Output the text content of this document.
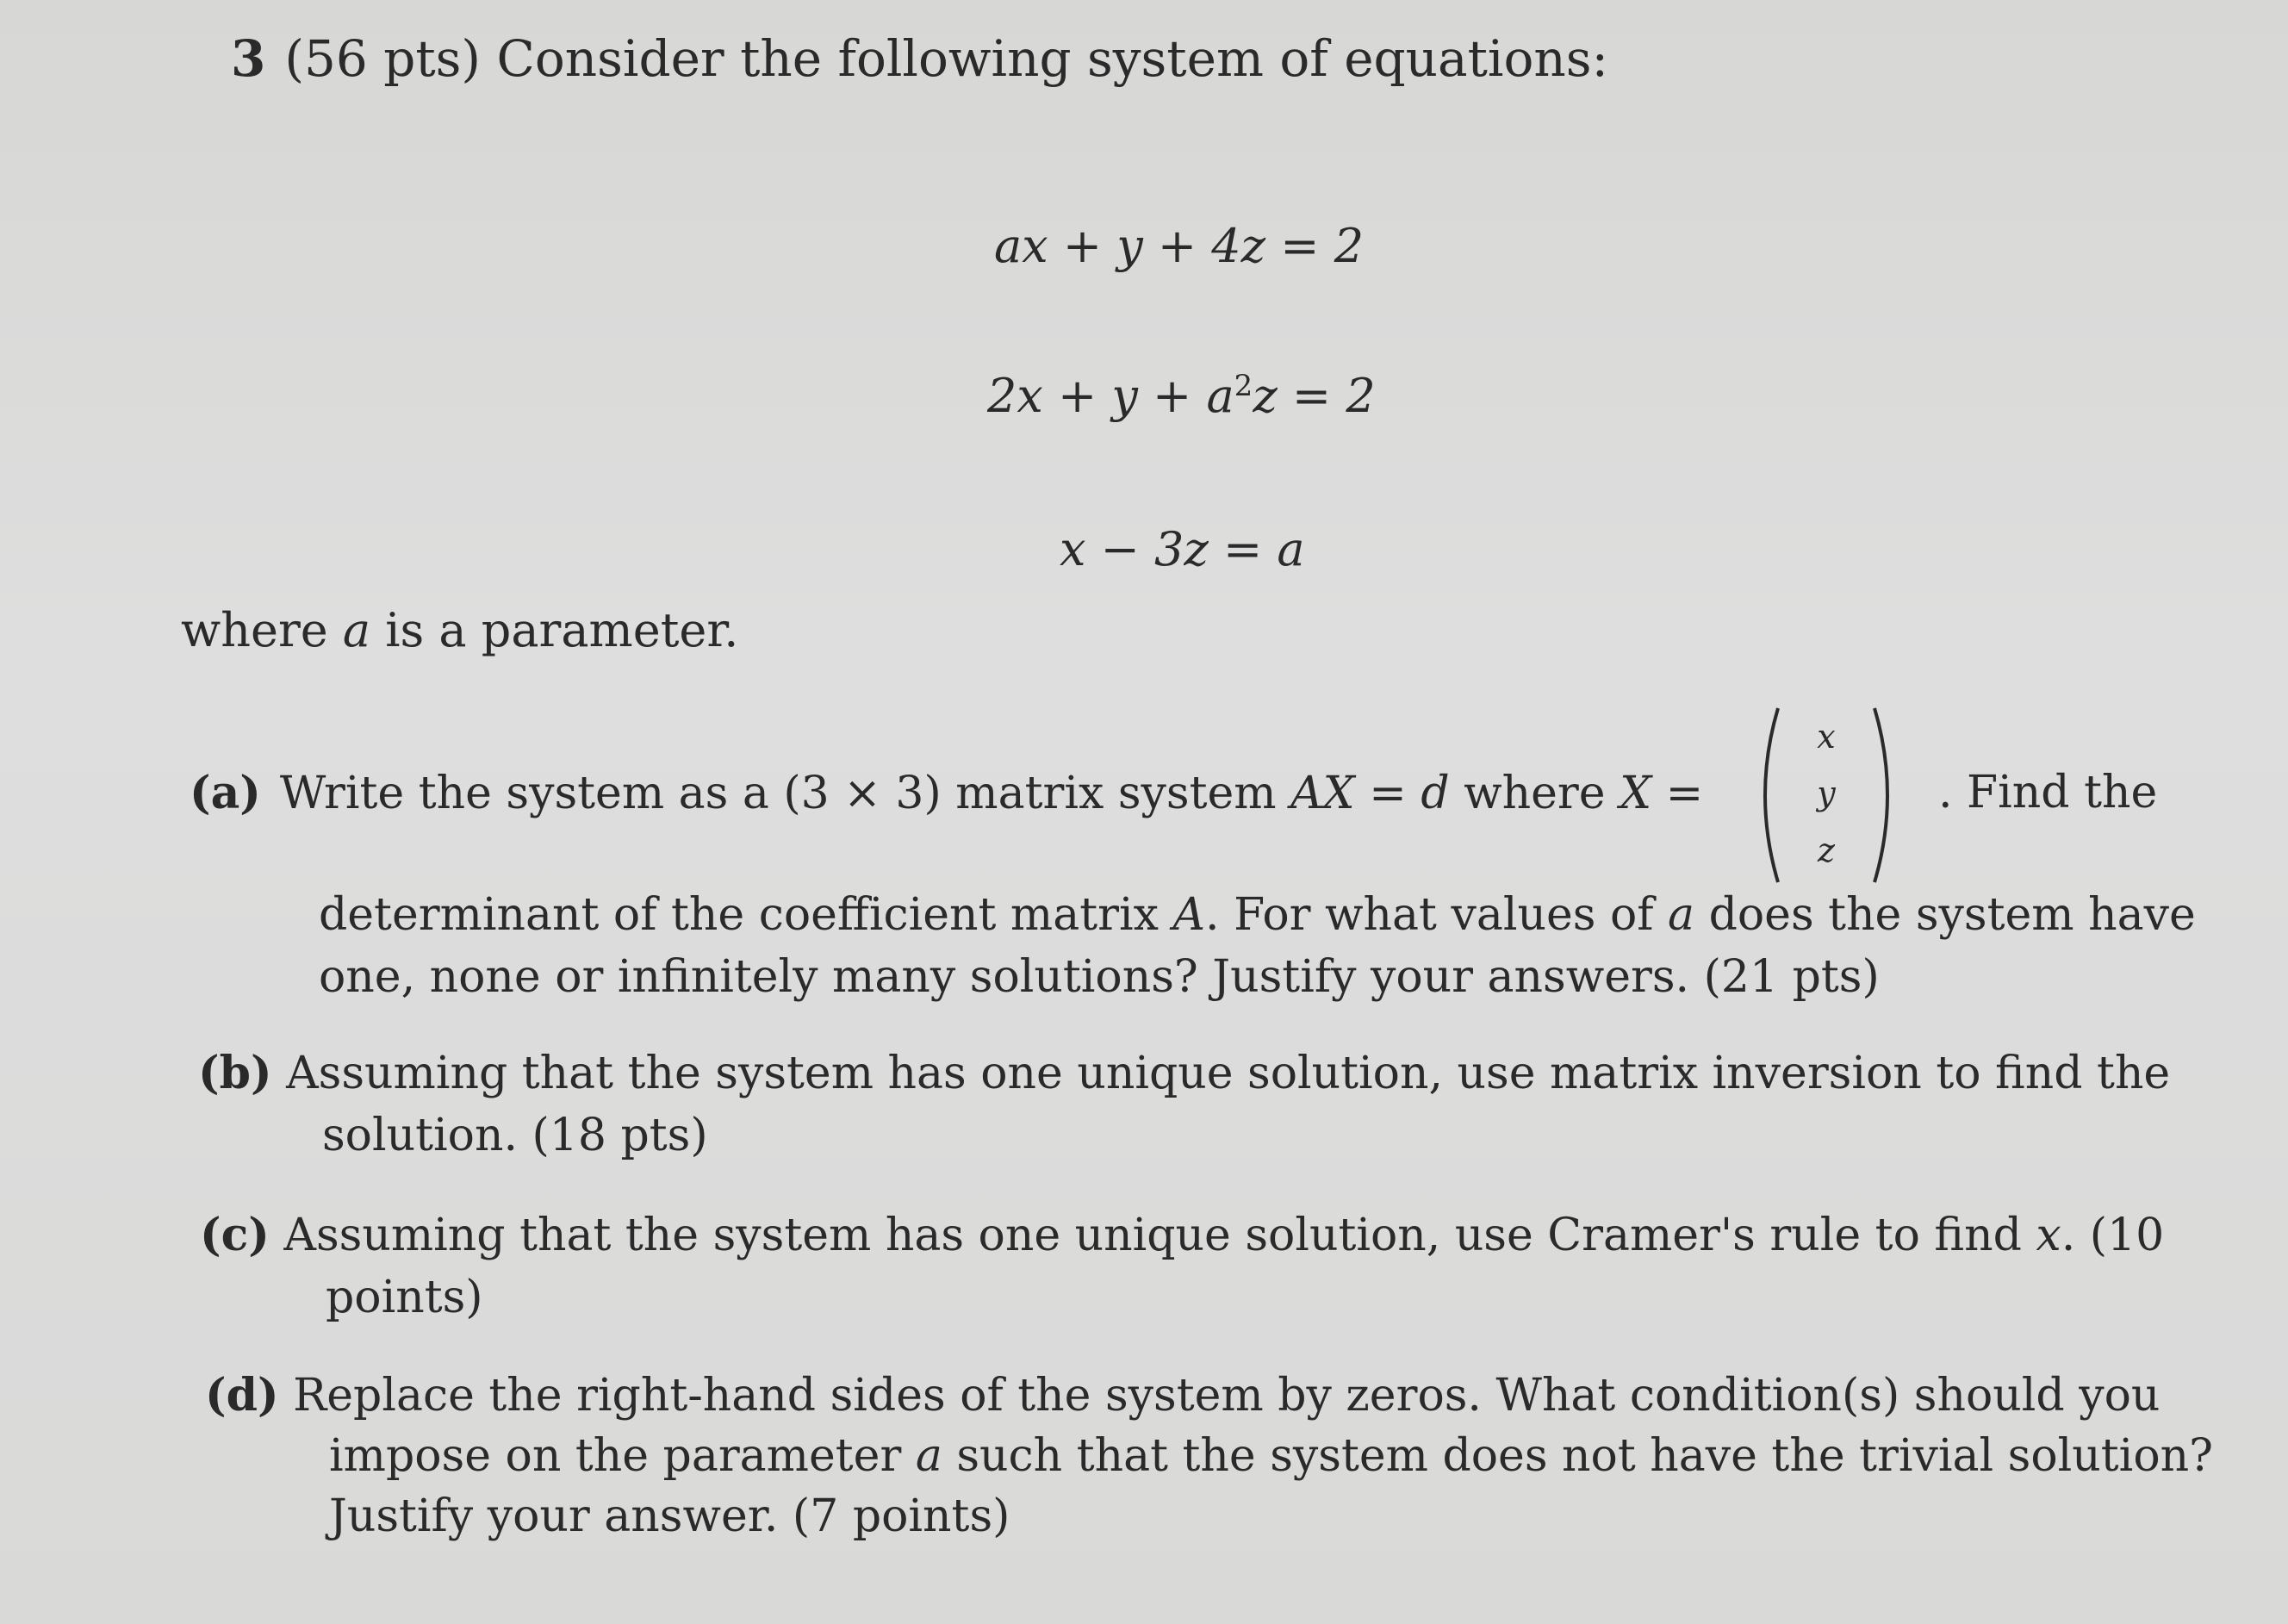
3 (56 pts) Consider the following system of equations:
ax + y + 4z = 2
$2x + y + a^2z = 2$
x − 3z = a
where a is a parameter.
(a) Write the system as a (3 × 3) matrix system AX = d where X =
x
y
z
. Find the
determinant of the coefficient matrix A. For what values of a does the system have
one, none or infinitely many solutions? Justify your answers. (21 pts)
(b) Assuming that the system has one unique solution, use matrix inversion to find the
solution. (18 pts)
(c) Assuming that the system has one unique solution, use Cramer's rule to find x. (10
points)
(d) Replace the right-hand sides of the system by zeros. What condition(s) should you
impose on the parameter a such that the system does not have the trivial solution?
Justify your answer. (7 points)
